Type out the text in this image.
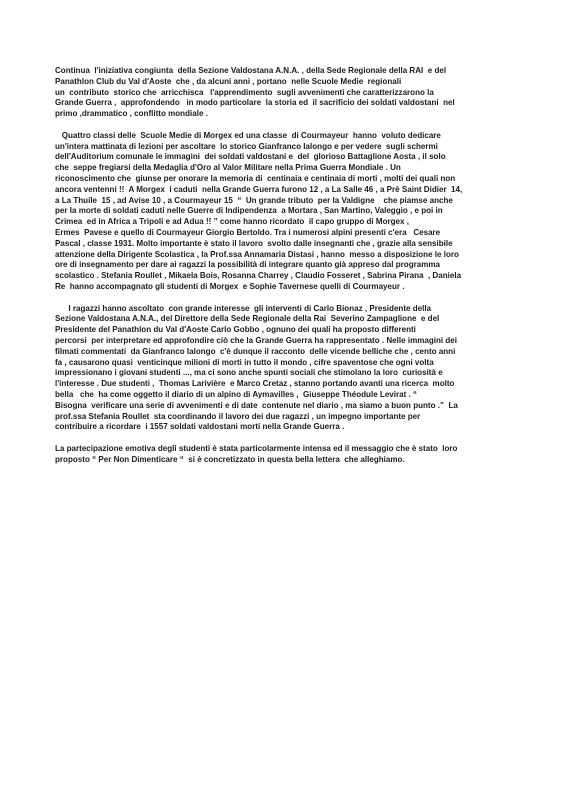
Continua  l'iniziativa congiunta  della Sezione Valdostana A.N.A. , della Sede Regionale della RAI  e del
Panathlon Club du Val d'Aoste  che , da alcuni anni , portano  nelle Scuole Medie  regionali
un  contributo  storico che  arricchisca   l'apprendimento  sugli avvenimenti che caratterizzarono la
Grande Guerra ,  approfondendo   in modo particolare  la storia ed  il sacrificio dei soldati valdostani  nel
primo ,drammatico , conflitto mondiale .
Quattro classi delle  Scuole Medie di Morgex ed una classe  di Courmayeur  hanno  voluto dedicare
un'intera mattinata di lezioni per ascoltare  lo storico Gianfranco Ialongo e per vedere  sugli schermi
dell'Auditorium comunale le immagini  dei soldati valdostani e  del  glorioso Battaglione Aosta , il solo
che  seppe fregiarsi della Medaglia d'Oro al Valor Militare nella Prima Guerra Mondiale . Un
riconoscimento che  giunse per onorare la memoria di  centinaia e centinaia di morti , molti dei quali non
ancora ventenni !!  A Morgex  i caduti  nella Grande Guerra furono 12 , a La Salle 46 , a Prè Saint Didier  14,
a La Thuile  15 , ad Avise 10 , a Courmayeur 15  “  Un grande tributo  per la Valdigne    che piamse anche
per la morte di soldati caduti nelle Guerre di Indipendenza  a Mortara , San Martino, Valeggio , e poi in
Crimea  ed in Africa a Tripoli e ad Adua !! ” come hanno ricordato  il capo gruppo di Morgex ,
Ermes  Pavese e quello di Courmayeur Giorgio Bertoldo. Tra i numerosi alpini presenti c'era   Cesare
Pascal , classe 1931. Molto importante è stato il lavoro  svolto dalle insegnanti che , grazie alla sensibile
attenzione della Dirigente Scolastica , la Prof.ssa Annamaria Distasi , hanno  messo a disposizione le loro
ore di insegnamento per dare ai ragazzi la possibilità di integrare quanto già appreso dal programma
scolastico . Stefania Roullet , Mikaela Bois, Rosanna Charrey , Claudio Fosseret , Sabrina Pirana  , Daniela
Re  hanno accompagnato gli studenti di Morgex  e Sophie Tavernese quelli di Courmayeur .
I ragazzi hanno ascoltato  con grande interesse  gli interventi di Carlo Bionaz , Presidente della
Sezione Valdostana A.N.A., del Direttore della Sede Regionale della Rai  Severino Zampaglione  e del
Presidente del Panathlon du Val d'Aoste Carlo Gobbo , ognuno dei quali ha proposto differenti
percorsi  per interpretare ed approfondire ciò che la Grande Guerra ha rappresentato . Nelle immagini dei
filmati commentati  da Gianfranco Ialongo  c'è dunque il racconto  delle vicende belliche che , cento anni
fa , causarono quasi  venticinque milioni di morti in tutto il mondo , cifre spaventose che ogni volta
impressionano i giovani studenti ..., ma ci sono anche spunti sociali che stimolano la loro  curiosità e
l'interesse . Due studenti ,  Thomas Larivière  e Marco Cretaz , stanno portando avanti una ricerca  molto
bella   che  ha come oggetto il diario di un alpino di Aymavilles ,  Giuseppe Théodule Levirat . “
Bisogna  verificare una serie di avvenimenti e di date  contenute nel diario , ma siamo a buon punto .”  La
prof.ssa Stefania Roullet  sta coordinando il lavoro dei due ragazzi , un impegno importante per
contribuire a ricordare  i 1557 soldati valdostani morti nella Grande Guerra .
La partecipazione emotiva degli studenti è stata particolarmente intensa ed il messaggio che è stato  loro
proposto “ Per Non Dimenticare “  si è concretizzato in questa bella lettera  che alleghiamo.
